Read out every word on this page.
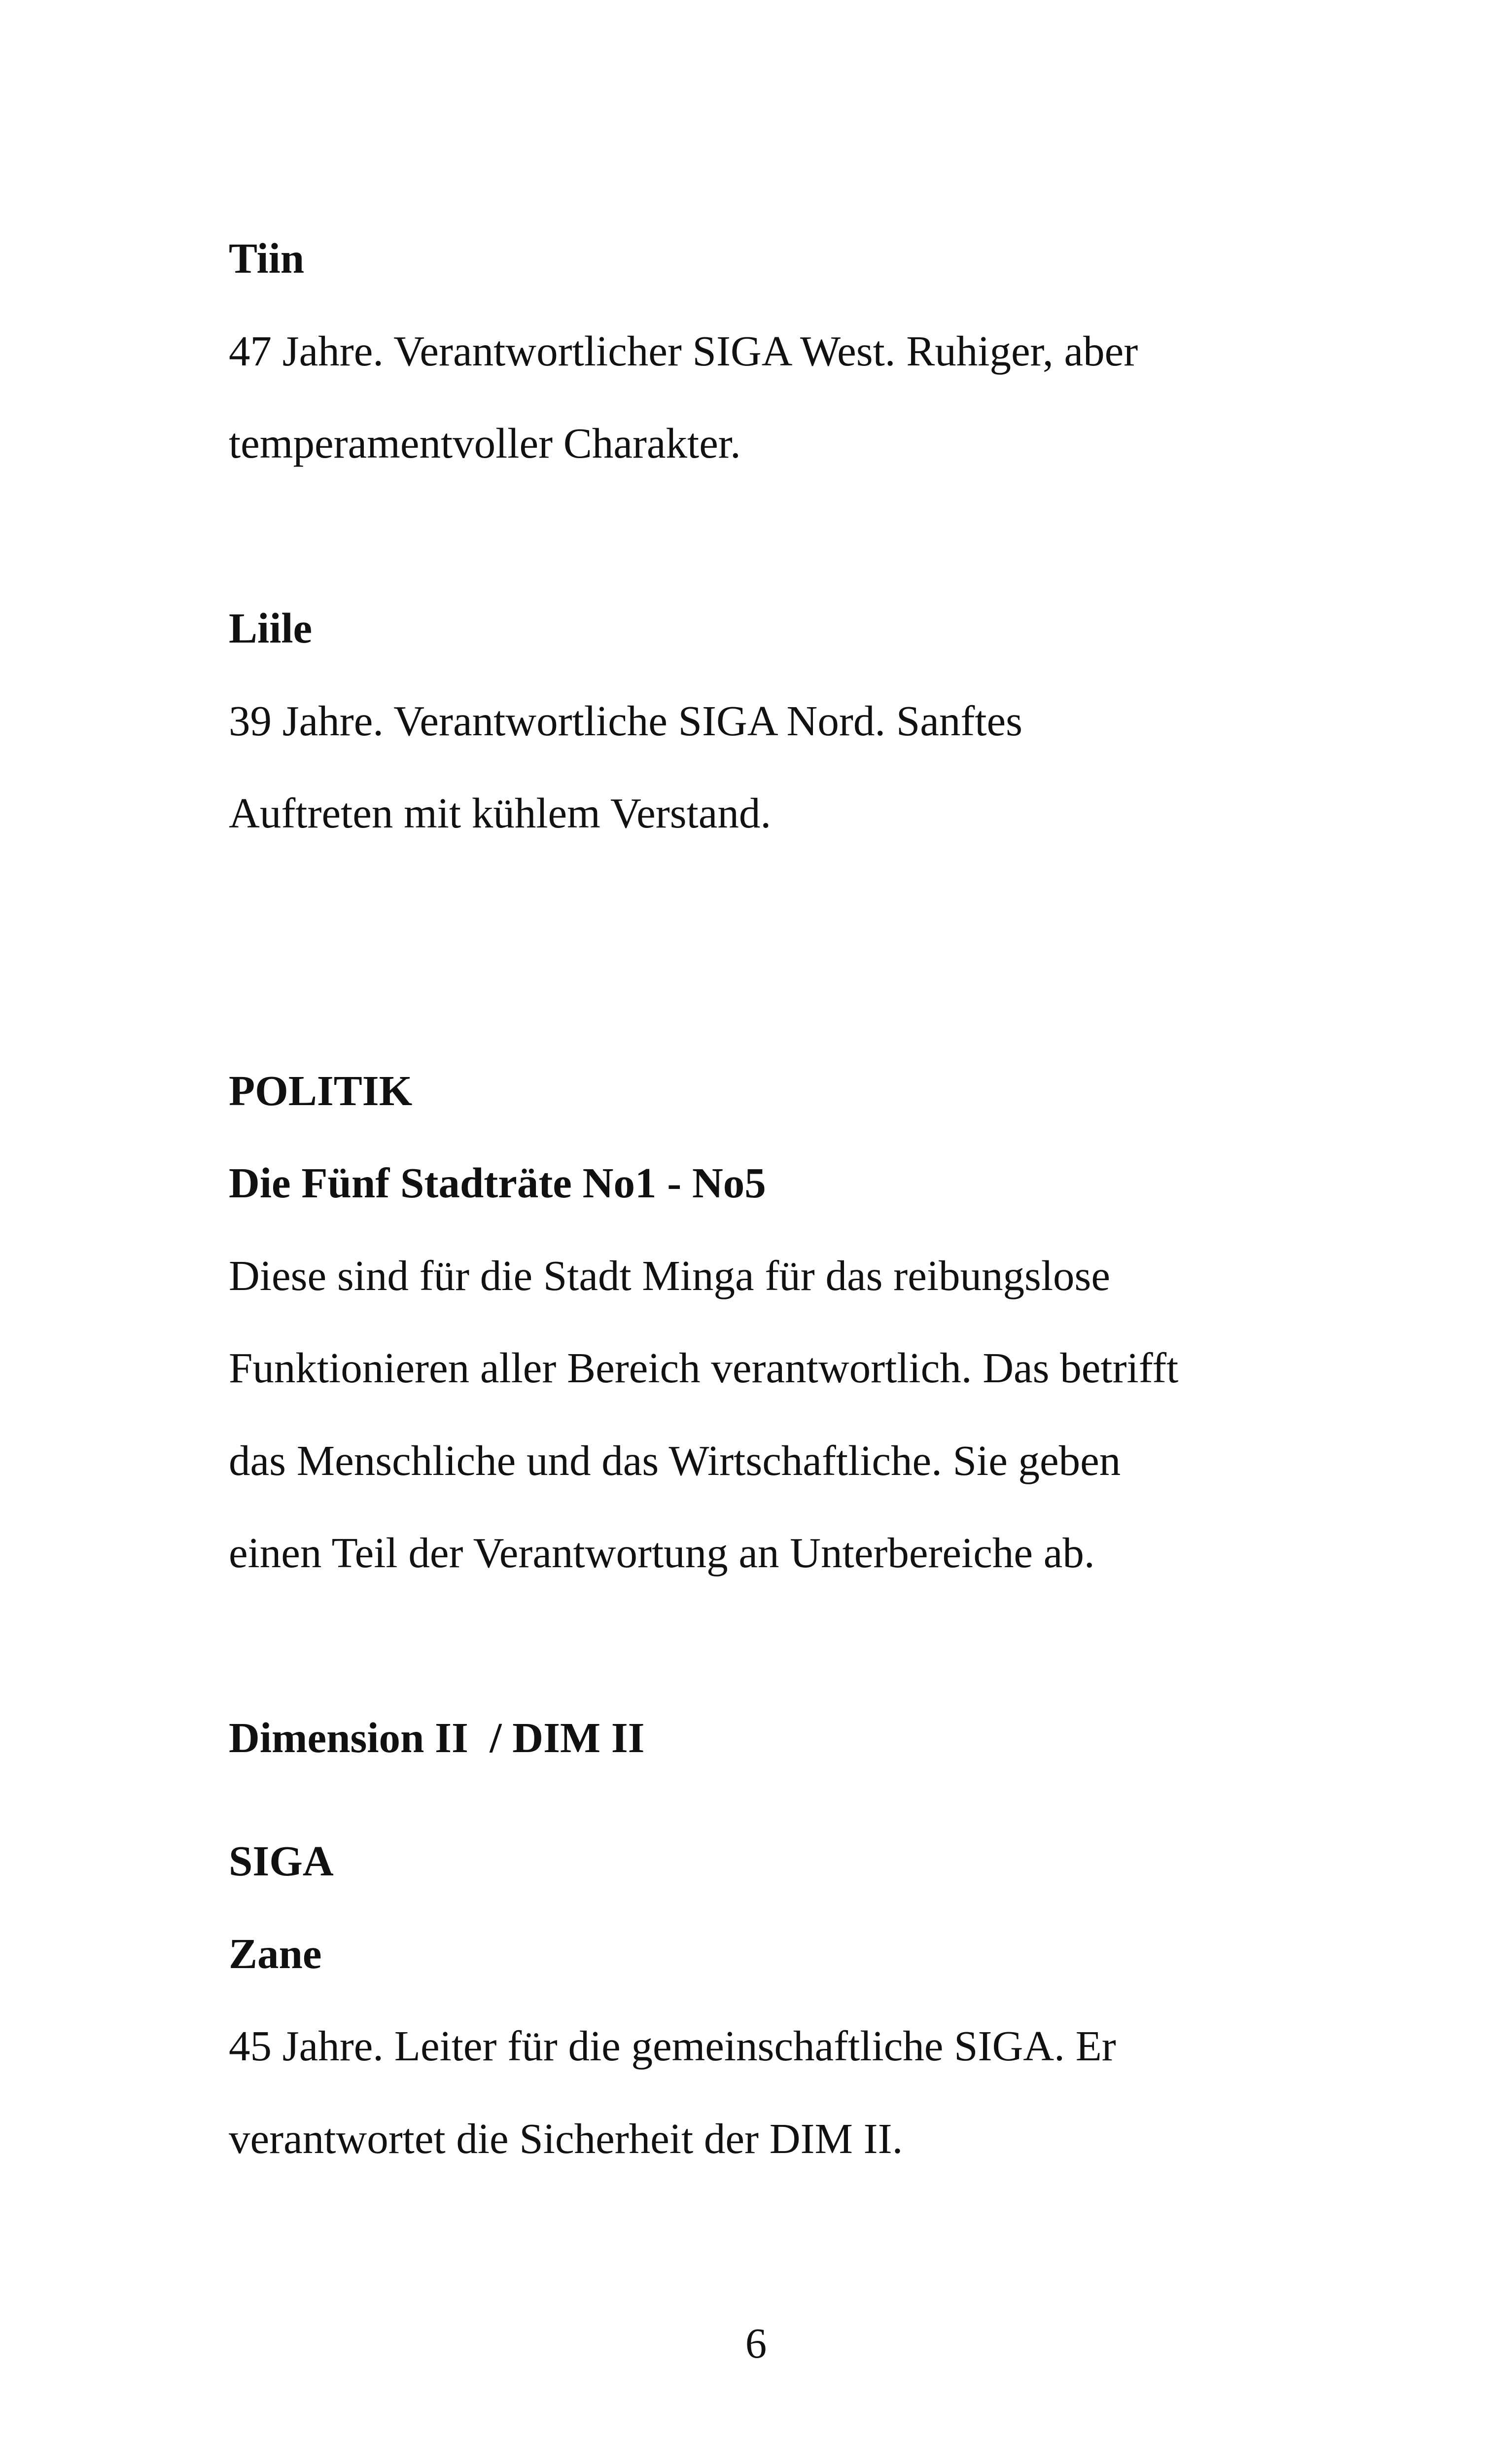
Tiin

47 Jahre. Verantwortlicher SIGA West. Ruhiger, aber

temperamentvoller Charakter.

Liile

39 Jahre. Verantwortliche SIGA Nord. Sanftes

Auftreten mit kühlem Verstand.

POLITIK

Die Fünf Stadträte No1 - No5

Diese sind für die Stadt Minga für das reibungslose

Funktionieren aller Bereich verantwortlich. Das betrifft

das Menschliche und das Wirtschaftliche. Sie geben

einen Teil der Verantwortung an Unterbereiche ab.

Dimension II  / DIM II

SIGA

Zane

45 Jahre. Leiter für die gemeinschaftliche SIGA. Er

verantwortet die Sicherheit der DIM II.

6
